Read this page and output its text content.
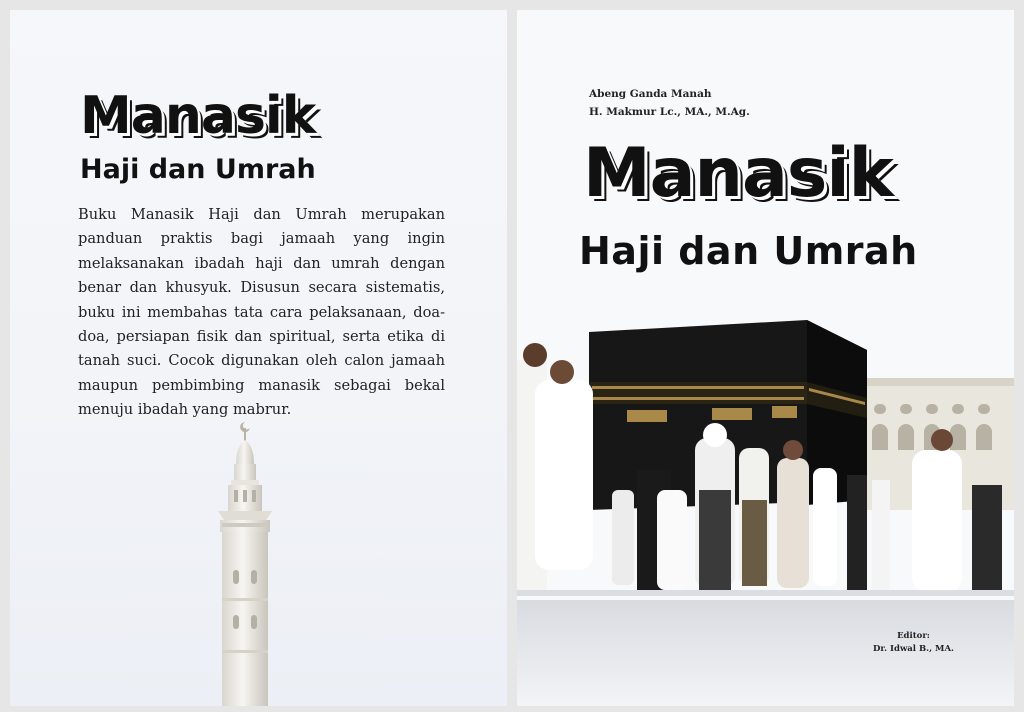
Manasik
Haji dan Umrah

Buku Manasik Haji dan Umrah merupakan panduan praktis bagi jamaah yang ingin melaksanakan ibadah haji dan umrah dengan benar dan khusyuk. Disusun secara sistematis, buku ini membahas tata cara pelaksanaan, doa-doa, persiapan fisik dan spiritual, serta etika di tanah suci. Cocok digunakan oleh calon jamaah maupun pembimbing manasik sebagai bekal menuju ibadah yang mabrur.

Abeng Ganda Manah
H. Makmur Lc., MA., M.Ag.
Manasik
Haji dan Umrah
Editor:
Dr. Idwal B., MA.
